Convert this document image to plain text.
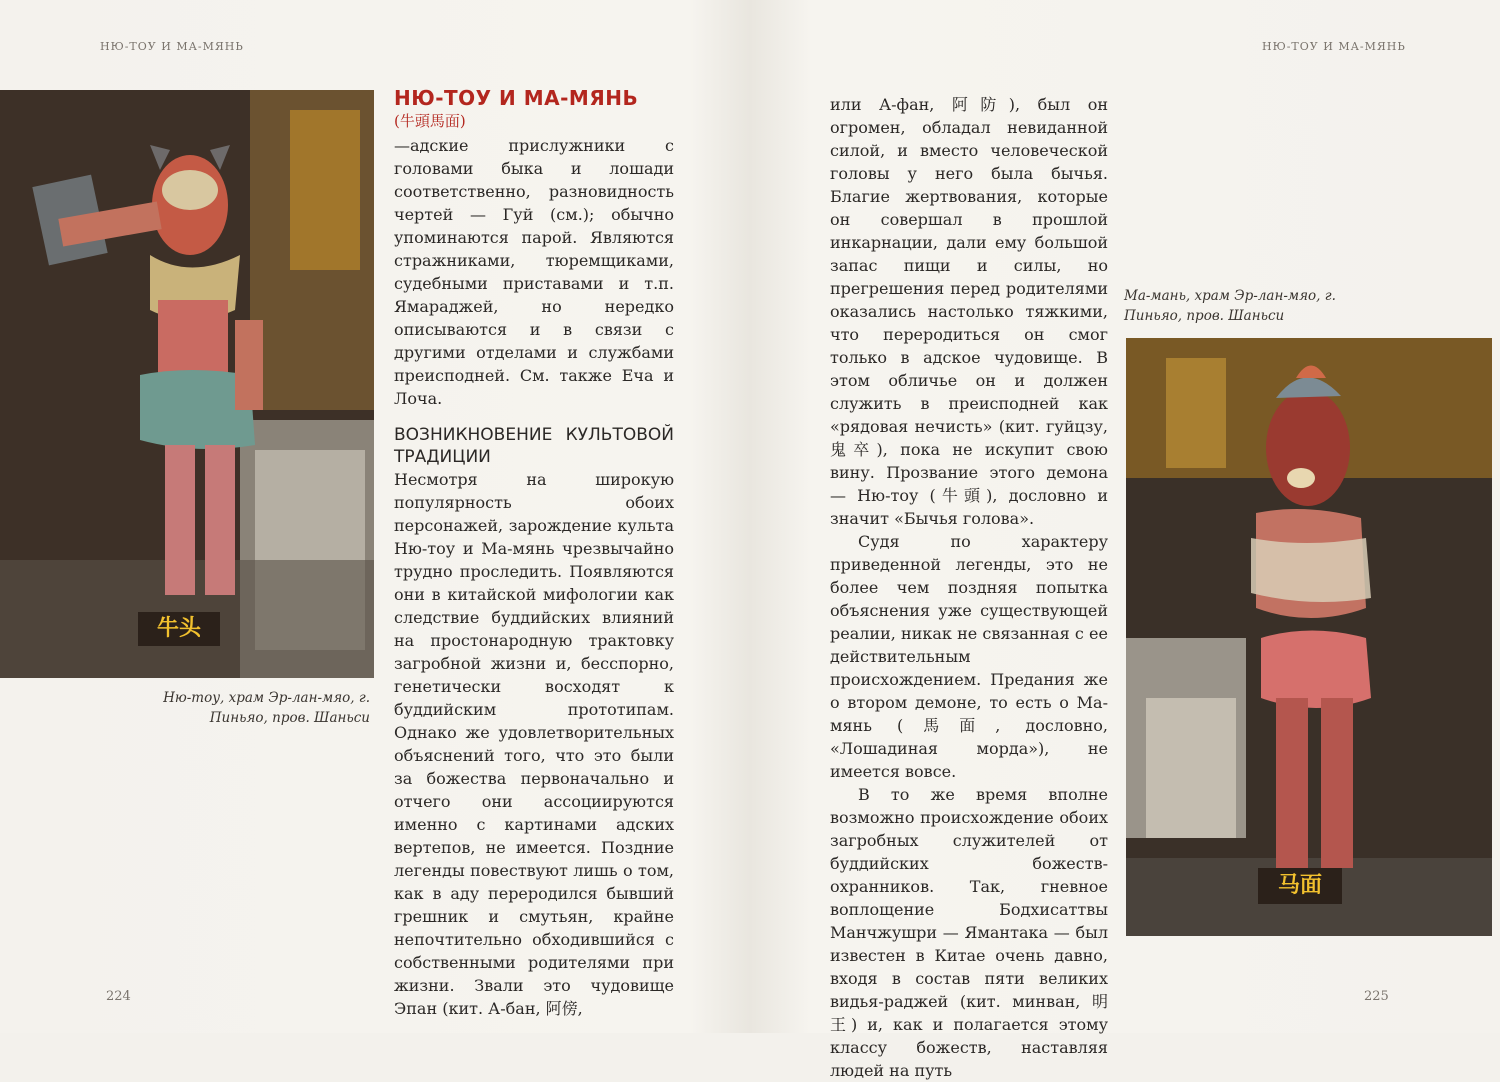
НЮ-ТОУ И МА-МЯНЬ	НЮ-ТОУ И МА-МЯНЬ
牛头
Ню-тоу, храм Эр-лан-мяо, г. Пиньяо, пров. Шаньси
НЮ-ТОУ И МА-МЯНЬ
(牛頭馬面)

—адские прислужники с головами быка и лошади соответственно, разновидность чертей — Гуй (см.); обычно упоминаются парой. Являются стражниками, тюремщиками, судебными приставами и т.п. Ямараджей, но нередко описываются и в связи с другими отделами и службами преисподней. См. также Еча и Лоча.

ВОЗНИКНОВЕНИЕ КУЛЬТОВОЙ ТРАДИЦИИ

Несмотря на широкую популярность обоих персонажей, зарождение культа Ню-тоу и Ма-мянь чрезвычайно трудно проследить. Появляются они в китайской мифологии как следствие буддийских влияний на простонародную трактовку загробной жизни и, бесспорно, генетически восходят к буддийским прототипам. Однако же удовлетворительных объяснений того, что это были за божества первоначально и отчего они ассоциируются именно с картинами адских вертепов, не имеется. Поздние легенды повествуют лишь о том, как в аду переродился бывший грешник и смутьян, крайне непочтительно обходившийся с собственными родителями при жизни. Звали это чудовище Эпан (кит. А-бан, 阿傍,

или А-фан, 阿防), был он огромен, обладал невиданной силой, и вместо человеческой головы у него была бычья. Благие жертвования, которые он совершал в прошлой инкарнации, дали ему большой запас пищи и силы, но прегрешения перед родителями оказались настолько тяжкими, что переродиться он смог только в адское чудовище. В этом обличье он и должен служить в преисподней как «рядовая нечисть» (кит. гуйцзу, 鬼卒), пока не искупит свою вину. Прозвание этого демона — Ню-тоу (牛頭), дословно и значит «Бычья голова».

Судя по характеру приведенной легенды, это не более чем поздняя попытка объяснения уже существующей реалии, никак не связанная с ее действительным происхождением. Предания же о втором демоне, то есть о Ма-мянь (馬面, дословно, «Лошадиная морда»), не имеется вовсе.

В то же время вполне возможно происхождение обоих загробных служителей от буддийских божеств-охранников. Так, гневное воплощение Бодхисаттвы Манчжушри — Ямантака — был известен в Китае очень давно, входя в состав пяти великих видья-раджей (кит. минван, 明王) и, как и полагается этому классу божеств, наставляя людей на путь

Ма-мань, храм Эр-лан-мяо, г. Пиньяо, пров. Шаньси
马面
224	225
